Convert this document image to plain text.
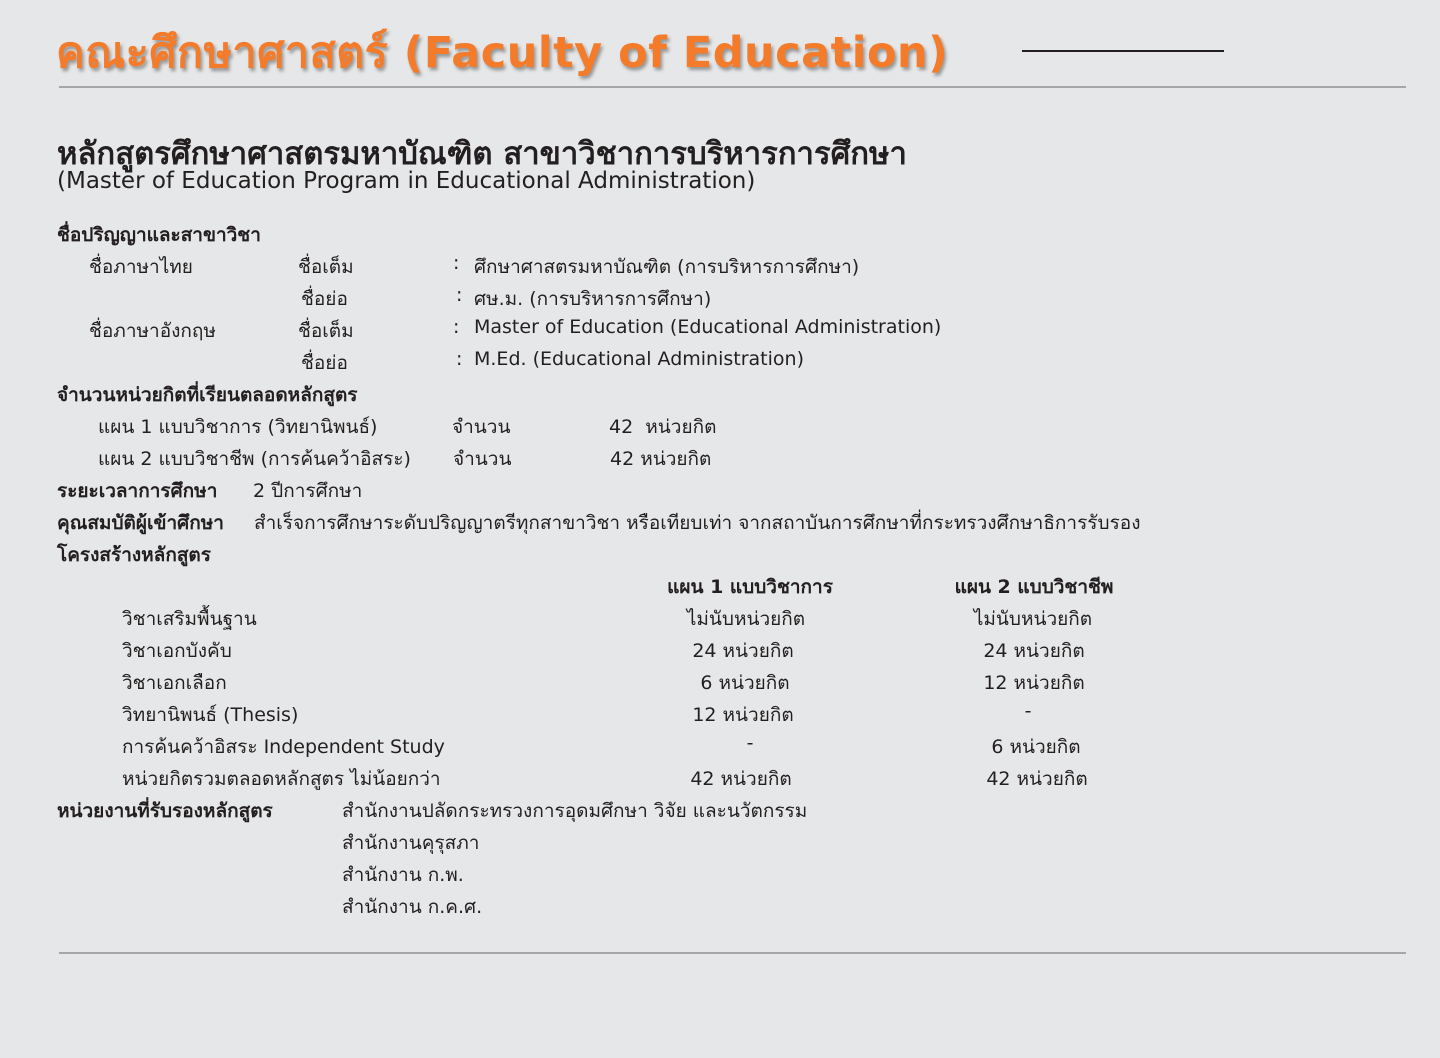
คณะศึกษาศาสตร์ (Faculty of Education)
หลักสูตรศึกษาศาสตรมหาบัณฑิต สาขาวิชาการบริหารการศึกษา
(Master of Education Program in Educational Administration)
ชื่อปริญญาและสาขาวิชา
ชื่อภาษาไทย	ชื่อเต็ม	: ศึกษาศาสตรมหาบัณฑิต (การบริหารการศึกษา)
ชื่อย่อ	: ศษ.ม. (การบริหารการศึกษา)
ชื่อภาษาอังกฤษ	ชื่อเต็ม	: Master of Education (Educational Administration)
ชื่อย่อ	: M.Ed. (Educational Administration)
จำนวนหน่วยกิตที่เรียนตลอดหลักสูตร
แผน 1 แบบวิชาการ (วิทยานิพนธ์)	จำนวน	42  หน่วยกิต
แผน 2 แบบวิชาชีพ (การค้นคว้าอิสระ) จำนวน	42 หน่วยกิต
ระยะเวลาการศึกษา 2 ปีการศึกษา
คุณสมบัติผู้เข้าศึกษา สำเร็จการศึกษาระดับปริญญาตรีทุกสาขาวิชา หรือเทียบเท่า จากสถาบันการศึกษาที่กระทรวงศึกษาธิการรับรอง
โครงสร้างหลักสูตร
แผน 1 แบบวิชาการ	แผน 2 แบบวิชาชีพ
วิชาเสริมพื้นฐาน	ไม่นับหน่วยกิต	ไม่นับหน่วยกิต
วิชาเอกบังคับ	24 หน่วยกิต	24 หน่วยกิต
วิชาเอกเลือก	6 หน่วยกิต	12 หน่วยกิต
วิทยานิพนธ์ (Thesis)	12 หน่วยกิต	-
การค้นคว้าอิสระ Independent Study	-	6 หน่วยกิต
หน่วยกิตรวมตลอดหลักสูตร ไม่น้อยกว่า	42 หน่วยกิต	42 หน่วยกิต
หน่วยงานที่รับรองหลักสูตร	สำนักงานปลัดกระทรวงการอุดมศึกษา วิจัย และนวัตกรรม
สำนักงานคุรุสภา
สำนักงาน ก.พ.
สำนักงาน ก.ค.ศ.
